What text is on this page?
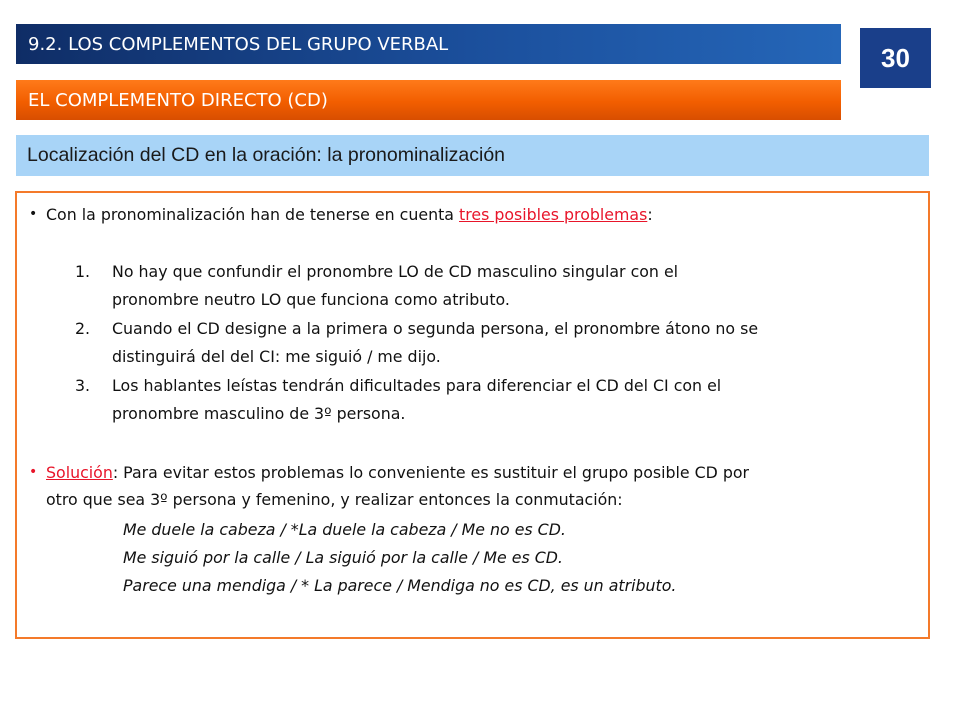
9.2. LOS COMPLEMENTOS DEL GRUPO VERBAL	30
EL COMPLEMENTO DIRECTO (CD)
Localización del CD en la oración: la pronominalización
• Con la pronominalización han de tenerse en cuenta tres posibles problemas:
1. No hay que confundir el pronombre LO de CD masculino singular con el
pronombre neutro LO que funciona como atributo.
2. Cuando el CD designe a la primera o segunda persona, el pronombre átono no se
distinguirá del del CI: me siguió / me dijo.
3. Los hablantes leístas tendrán dificultades para diferenciar el CD del CI con el
pronombre masculino de 3º persona.
• Solución: Para evitar estos problemas lo conveniente es sustituir el grupo posible CD por
otro que sea 3º persona y femenino, y realizar entonces la conmutación:
Me duele la cabeza / *La duele la cabeza / Me no es CD.
Me siguió por la calle / La siguió por la calle / Me es CD.
Parece una mendiga / * La parece / Mendiga no es CD, es un atributo.
